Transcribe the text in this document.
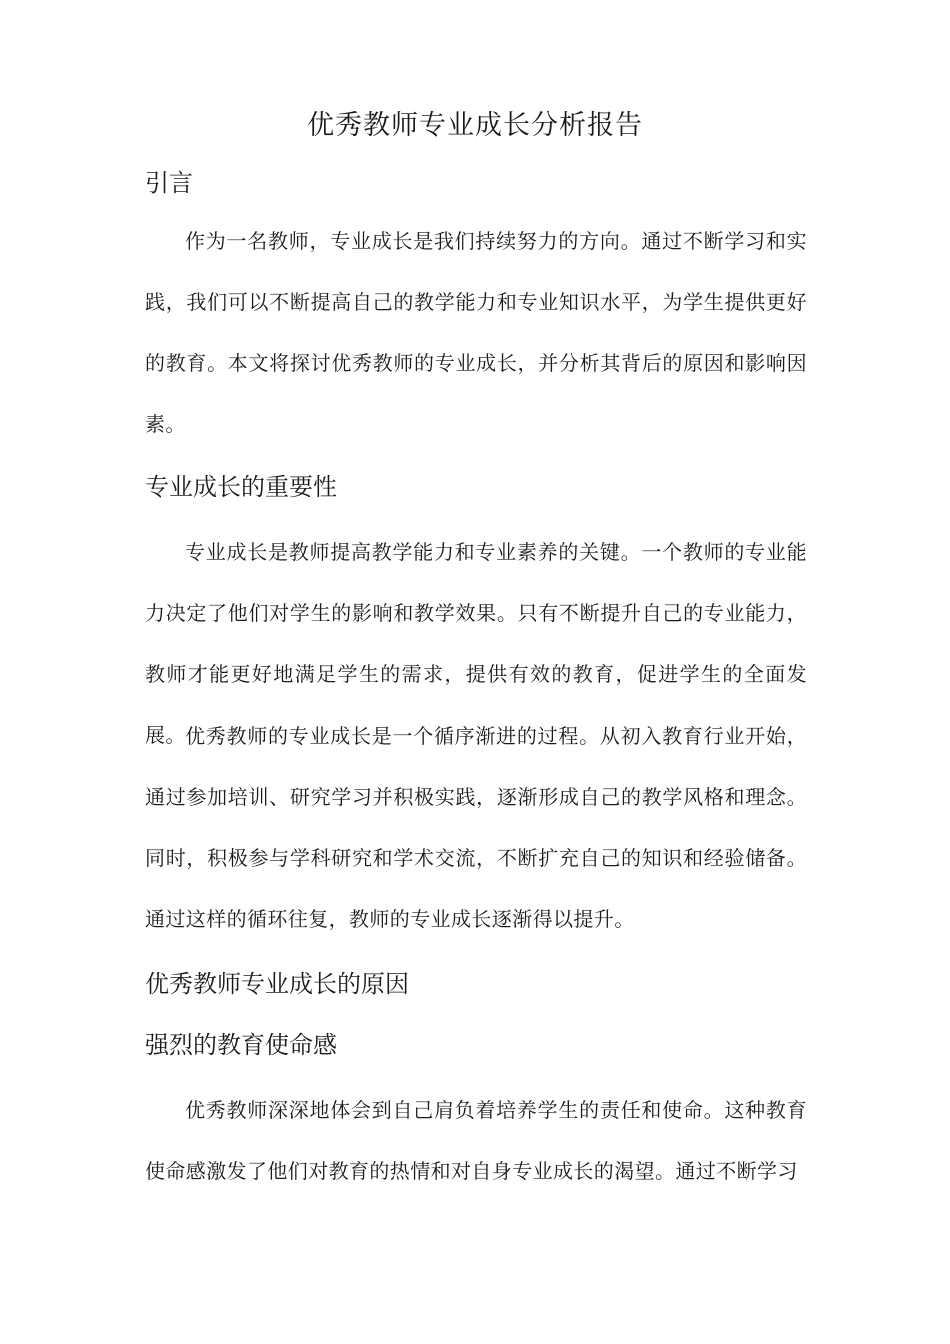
优秀教师专业成长分析报告
引言

作为一名教师，专业成长是我们持续努力的方向。通过不断学习和实践，我们可以不断提高自己的教学能力和专业知识水平，为学生提供更好的教育。本文将探讨优秀教师的专业成长，并分析其背后的原因和影响因素。

专业成长的重要性

专业成长是教师提高教学能力和专业素养的关键。一个教师的专业能力决定了他们对学生的影响和教学效果。只有不断提升自己的专业能力，教师才能更好地满足学生的需求，提供有效的教育，促进学生的全面发展。 优秀教师的专业成长是一个循序渐进的过程。从初入教育行业开始，通过参加培训、研究学习并积极实践，逐渐形成自己的教学风格和理念。同时，积极参与学科研究和学术交流，不断扩充自己的知识和经验储备。通过这样的循环往复，教师的专业成长逐渐得以提升。

优秀教师专业成长的原因
强烈的教育使命感

优秀教师深深地体会到自己肩负着培养学生的责任和使命。这种教育使命感激发了他们对教育的热情和对自身专业成长的渴望。通过不断学习
